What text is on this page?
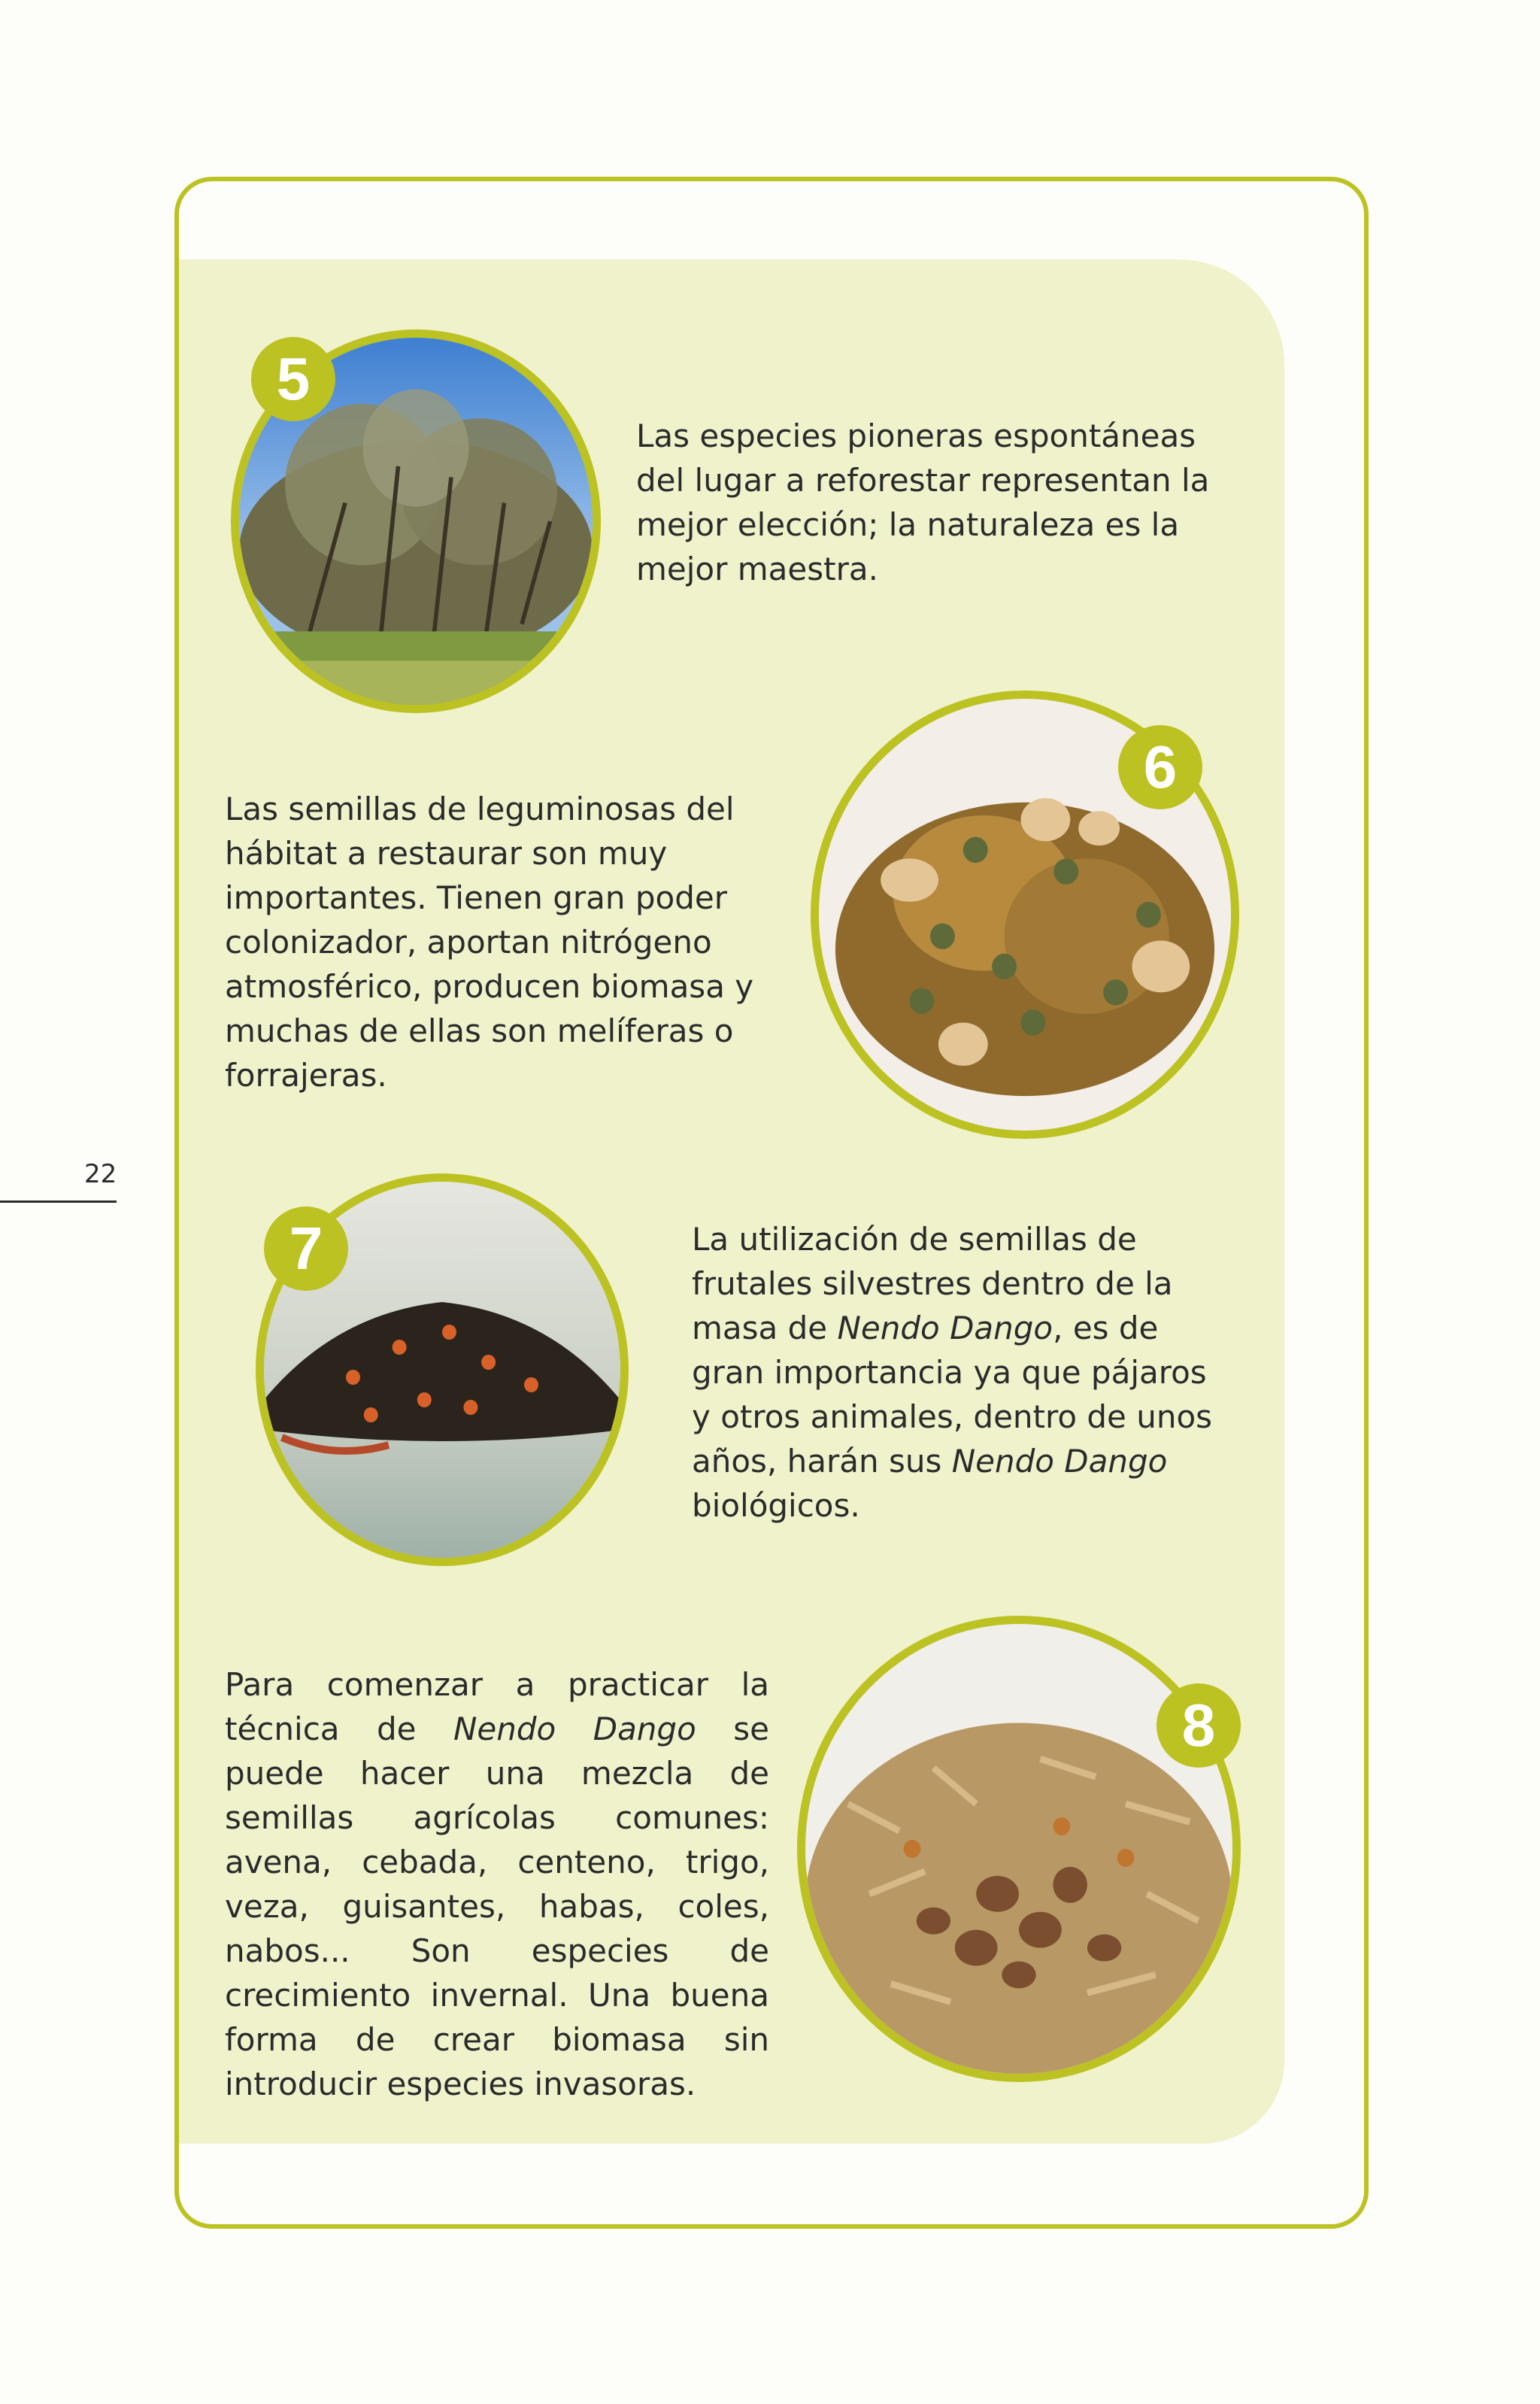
22
5
Las especies pioneras espontáneas del lugar a reforestar representan la mejor elección; la naturaleza es la mejor maestra.
6
Las semillas de leguminosas del hábitat a restaurar son muy importantes. Tienen gran poder colonizador, aportan nitrógeno atmosférico, producen biomasa y muchas de ellas son melíferas o forrajeras.
7	La utilización de semillas de frutales silvestres dentro de la masa de Nendo Dango, es de gran importancia ya que pájaros y otros animales, dentro de unos años, harán sus Nendo Dango biológicos.
8
Para comenzar a practicar la técnica de Nendo Dango se puede hacer una mezcla de semillas agrícolas comunes: avena, cebada, centeno, trigo, veza, guisantes, habas, coles, nabos... Son especies de crecimiento invernal. Una buena forma de crear biomasa sin introducir especies invasoras.
